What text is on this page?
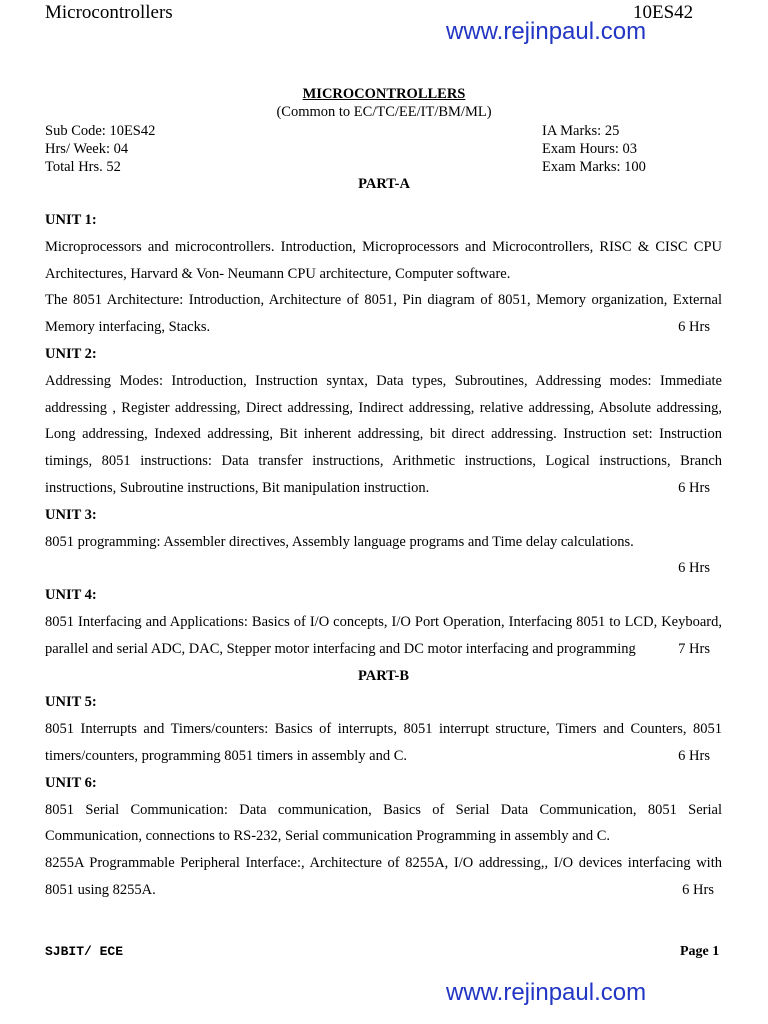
Microcontrollers	10ES42
www.rejinpaul.com
MICROCONTROLLERS
(Common to EC/TC/EE/IT/BM/ML)
Sub Code: 10ES42
Hrs/ Week: 04
Total Hrs. 52
IA Marks: 25
Exam Hours: 03
Exam Marks: 100
PART-A
UNIT 1:

Microprocessors and microcontrollers. Introduction, Microprocessors and Microcontrollers, RISC & CISC CPU Architectures, Harvard & Von- Neumann CPU architecture, Computer software.

The 8051 Architecture: Introduction, Architecture of 8051, Pin diagram of 8051, Memory organization, External Memory interfacing, Stacks.	6 Hrs

UNIT 2:

Addressing Modes: Introduction, Instruction syntax, Data types, Subroutines, Addressing modes: Immediate addressing , Register addressing, Direct addressing, Indirect addressing, relative addressing, Absolute addressing, Long addressing, Indexed addressing, Bit inherent addressing, bit direct addressing. Instruction set: Instruction timings, 8051 instructions: Data transfer instructions, Arithmetic instructions, Logical instructions, Branch instructions, Subroutine instructions, Bit manipulation instruction.	6 Hrs

UNIT 3:

8051 programming: Assembler directives, Assembly language programs and Time delay calculations.

6 Hrs

UNIT 4:

8051 Interfacing and Applications: Basics of I/O concepts, I/O Port Operation, Interfacing 8051 to LCD, Keyboard, parallel and serial ADC, DAC, Stepper motor interfacing and DC motor interfacing and programming	7 Hrs

PART-B
UNIT 5:

8051 Interrupts and Timers/counters: Basics of interrupts, 8051 interrupt structure, Timers and Counters, 8051 timers/counters, programming 8051 timers in assembly and C.	6 Hrs

UNIT 6:

8051 Serial Communication: Data communication, Basics of Serial Data Communication, 8051 Serial Communication, connections to RS-232, Serial communication Programming in assembly and C.

8255A Programmable Peripheral Interface:, Architecture of 8255A, I/O addressing,, I/O devices interfacing with 8051 using 8255A.	6 Hrs

SJBIT/ ECE	Page 1
www.rejinpaul.com
